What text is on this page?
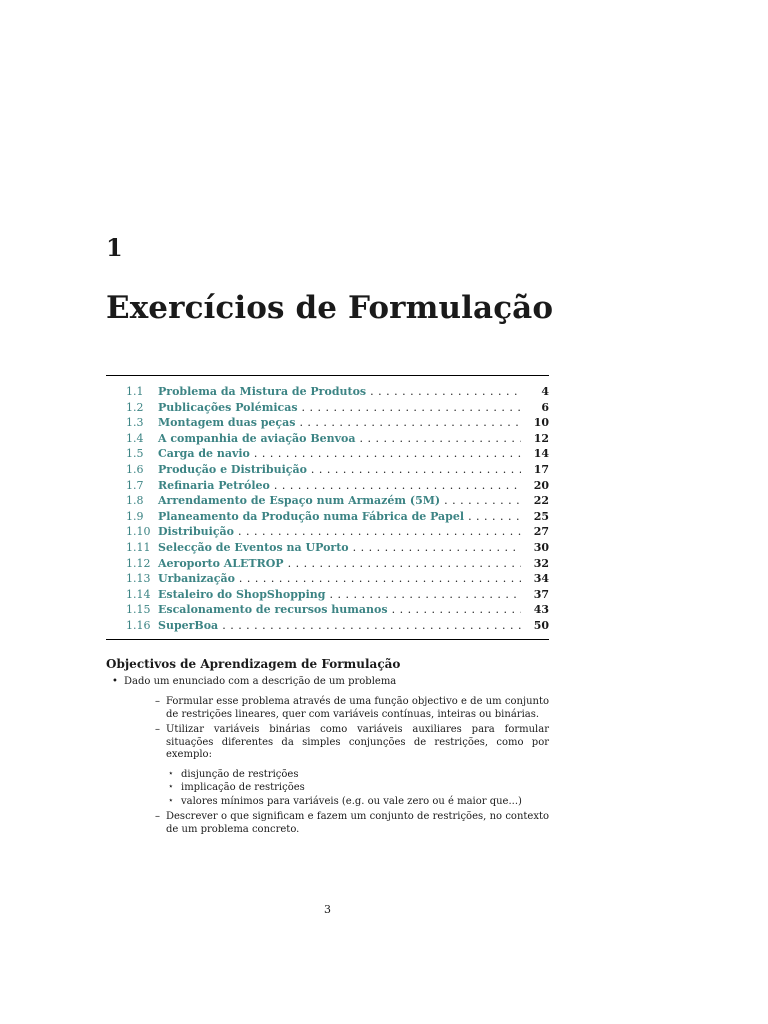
1
Exercícios de Formulação
1.1	Problema da Mistura de Produtos . . .	4
1.2	Publicações Polémicas . . .	6
1.3	Montagem duas peças . . .	10
1.4	A companhia de aviação Benvoa . . .	12
1.5	Carga de navio . . .	14
1.6	Produção e Distribuição . . .	17
1.7	Refinaria Petróleo . . .	20
1.8	Arrendamento de Espaço num Armazém (5M) . . .	22
1.9	Planeamento da Produção numa Fábrica de Papel . . .	25
1.10 Distribuição . . .	27
1.11 Selecção de Eventos na UPorto . . .	30
1.12 Aeroporto ALETROP . . .	32
1.13 Urbanização . . .	34
1.14 Estaleiro do ShopShopping . . .	37
1.15 Escalonamento de recursos humanos . . .	43
1.16 SuperBoa . . .	50

Objectivos de Aprendizagem de Formulação

• Dado um enunciado com a descrição de um problema
– Formular esse problema através de uma função objectivo e de um conjunto de restrições lineares, quer com variáveis contínuas, inteiras ou binárias.
– Utilizar variáveis binárias como variáveis auxiliares para formular situações diferentes da simples conjunções de restrições, como por exemplo:
⋆ disjunção de restrições
⋆ implicação de restrições
⋆ valores mínimos para variáveis (e.g. ou vale zero ou é maior que...)
– Descrever o que significam e fazem um conjunto de restrições, no contexto de um problema concreto.
3
